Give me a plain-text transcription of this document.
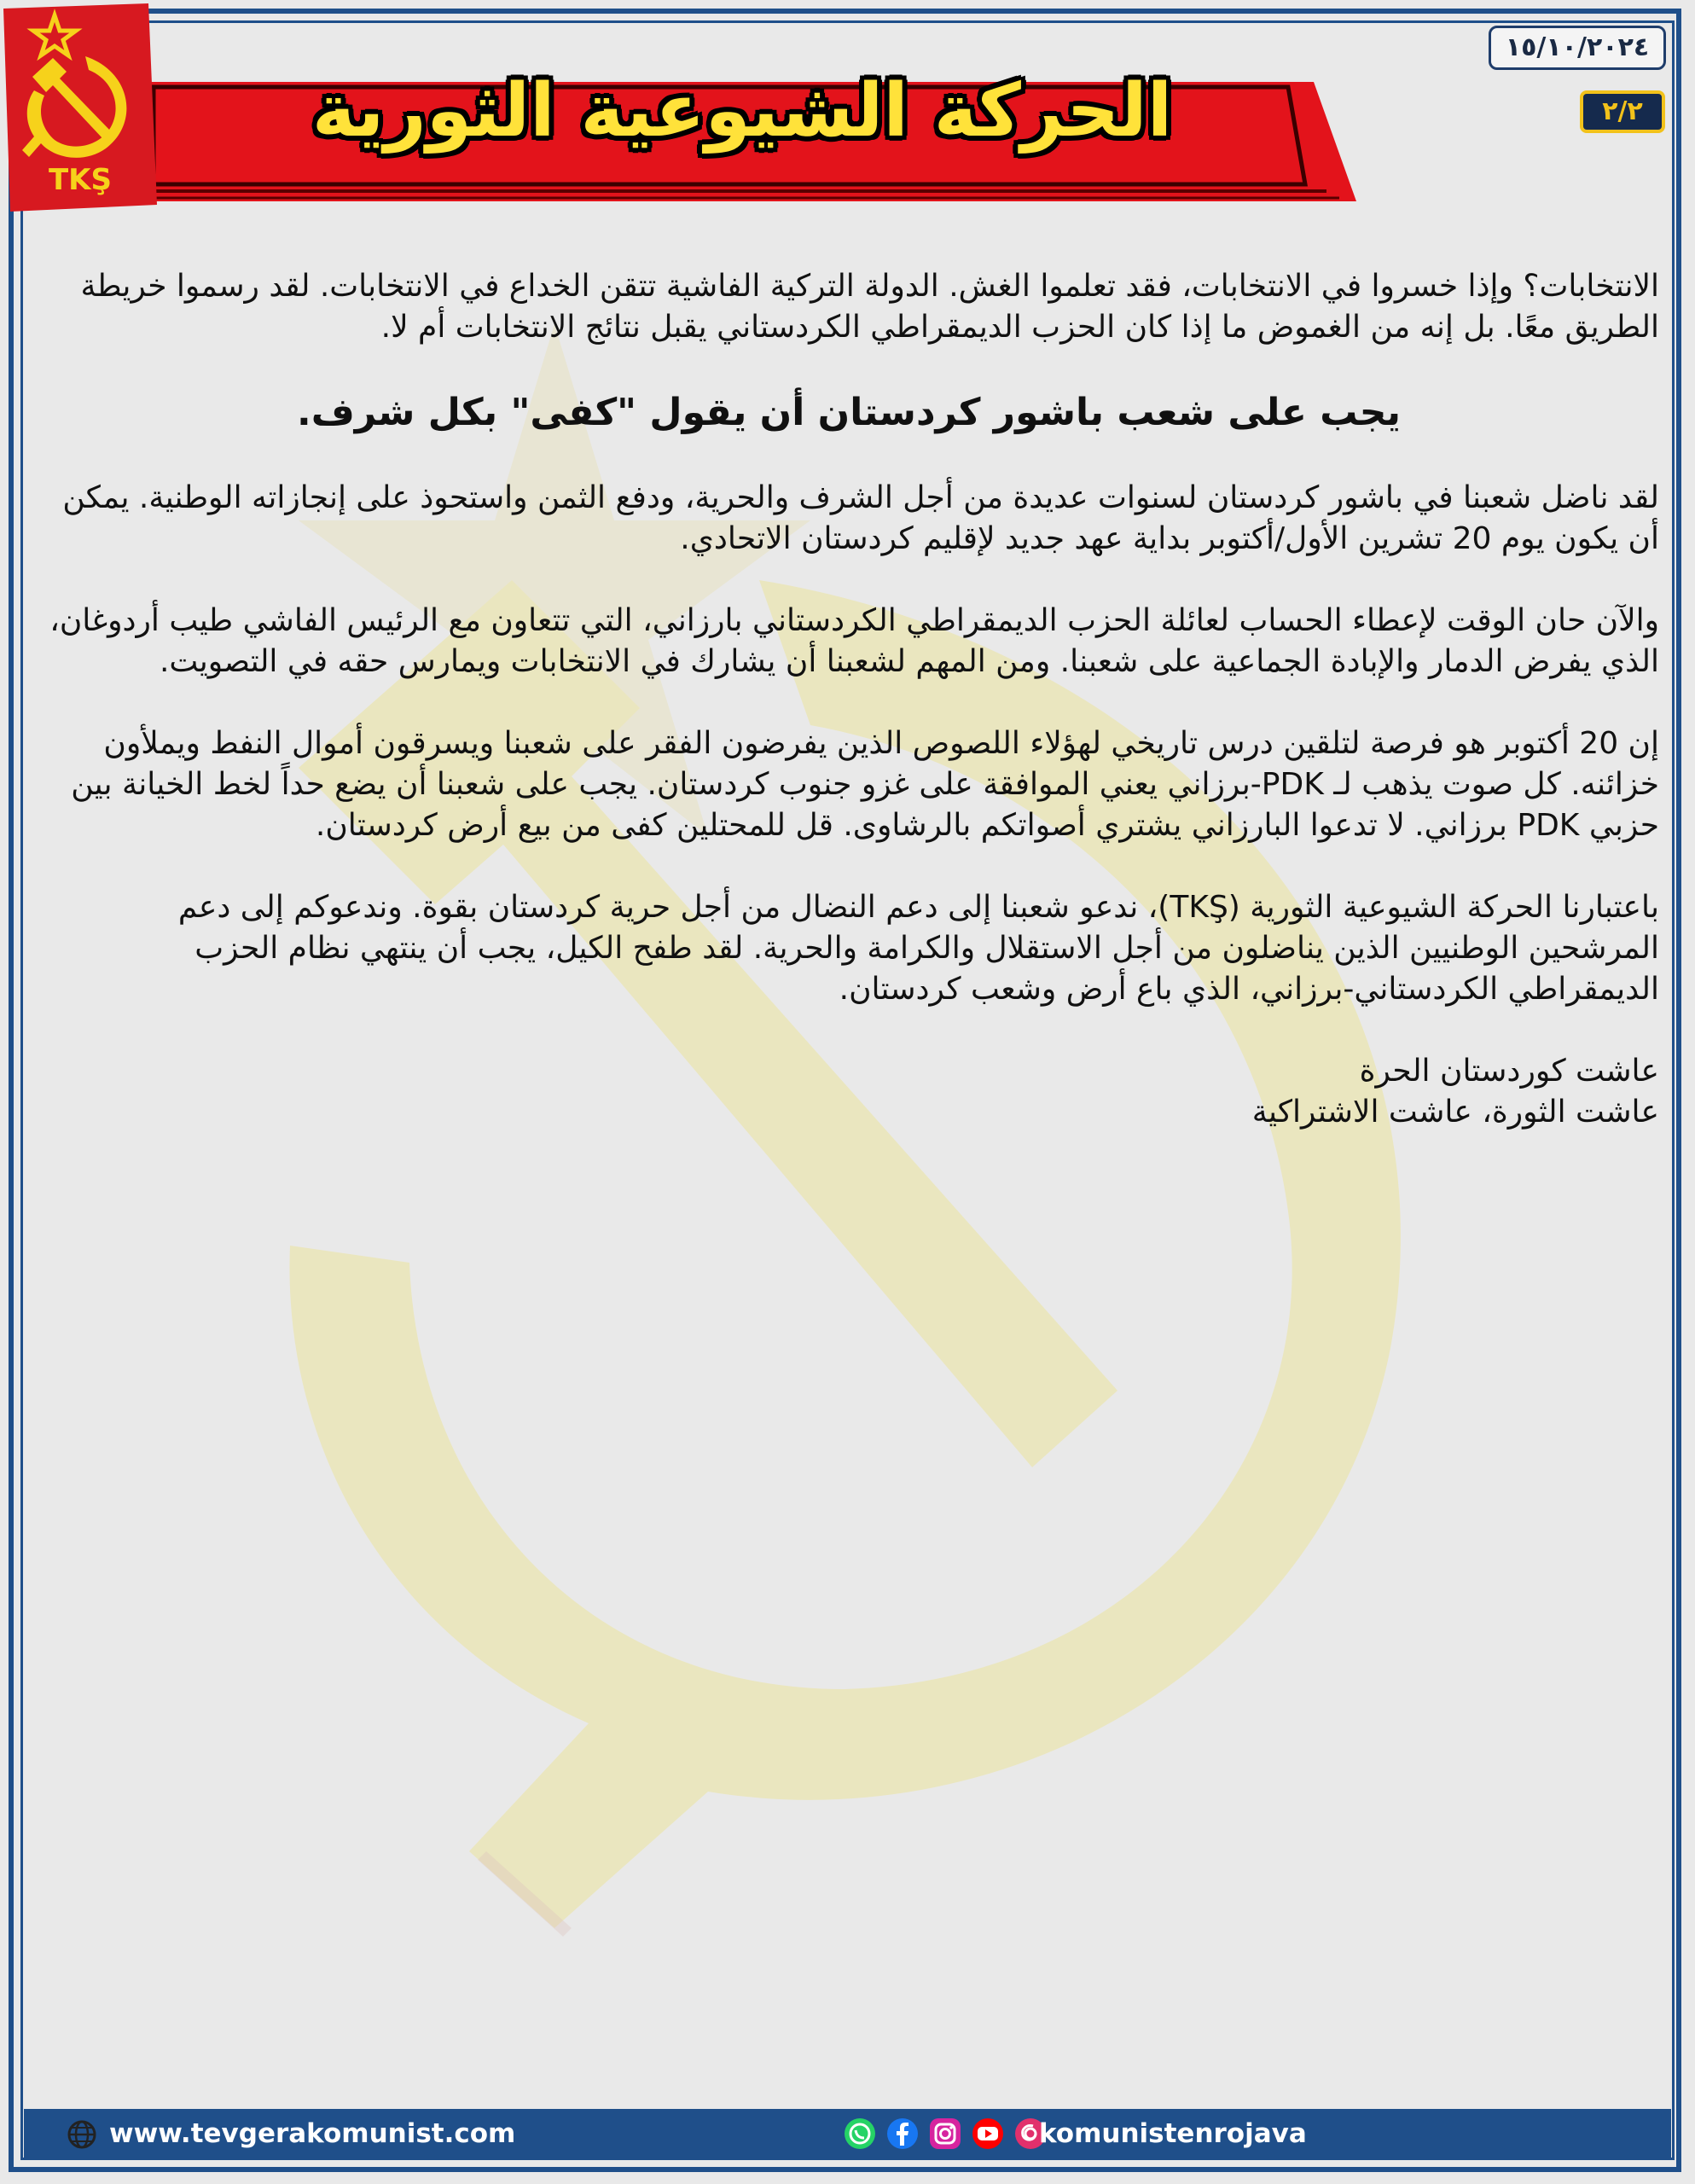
الحركة الشيوعية الثورية
TKŞ
١٥/١٠/٢٠٢٤
٢/٢

الانتخابات؟ وإذا خسروا في الانتخابات، فقد تعلموا الغش. الدولة التركية الفاشية تتقن الخداع في الانتخابات. لقد رسموا خريطة الطريق معًا. بل إنه من الغموض ما إذا كان الحزب الديمقراطي الكردستاني يقبل نتائج الانتخابات أم لا.

يجب على شعب باشور كردستان أن يقول "كفى" بكل شرف.

لقد ناضل شعبنا في باشور كردستان لسنوات عديدة من أجل الشرف والحرية، ودفع الثمن واستحوذ على إنجازاته الوطنية. يمكن أن يكون يوم 20 تشرين الأول/أكتوبر بداية عهد جديد لإقليم كردستان الاتحادي.

والآن حان الوقت لإعطاء الحساب لعائلة الحزب الديمقراطي الكردستاني بارزاني، التي تتعاون مع الرئيس الفاشي طيب أردوغان، الذي يفرض الدمار والإبادة الجماعية على شعبنا. ومن المهم لشعبنا أن يشارك في الانتخابات ويمارس حقه في التصويت.

إن 20 أكتوبر هو فرصة لتلقين درس تاريخي لهؤلاء اللصوص الذين يفرضون الفقر على شعبنا ويسرقون أموال النفط ويملأون خزائنه. كل صوت يذهب لـ PDK-برزاني يعني الموافقة على غزو جنوب كردستان. يجب على شعبنا أن يضع حداً لخط الخيانة بين حزبي PDK برزاني. لا تدعوا البارزاني يشتري أصواتكم بالرشاوى. قل للمحتلين كفى من بيع أرض كردستان.

باعتبارنا الحركة الشيوعية الثورية (TKŞ)، ندعو شعبنا إلى دعم النضال من أجل حرية كردستان بقوة. وندعوكم إلى دعم المرشحين الوطنيين الذين يناضلون من أجل الاستقلال والكرامة والحرية. لقد طفح الكيل، يجب أن ينتهي نظام الحزب الديمقراطي الكردستاني-برزاني، الذي باع أرض وشعب كردستان.

عاشت كوردستان الحرة

عاشت الثورة، عاشت الاشتراكية

www.tevgerakomunist.com	komunistenrojava
